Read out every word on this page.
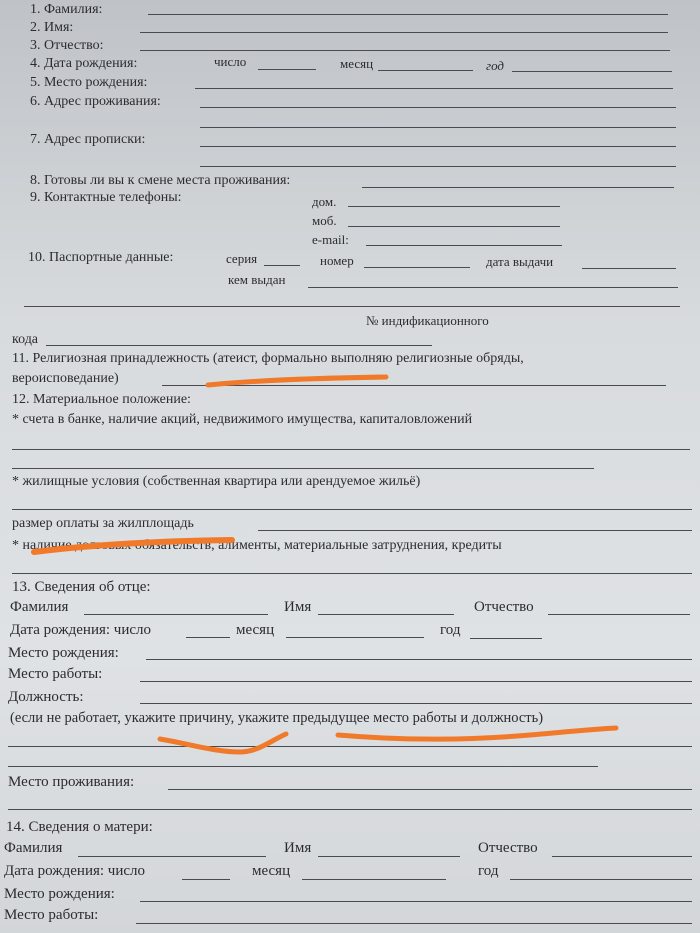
1. Фамилия:
2. Имя:
3. Отчество:
4. Дата рождения:	число	месяц	год
5. Место рождения:
6. Адрес проживания:
7. Адрес прописки:
8. Готовы ли вы к смене места проживания:
9. Контактные телефоны:	дом.
моб.
e-mail:
10. Паспортные данные:	серия	номер	дата выдачи
кем выдан
№ индификационного
кода
11. Религиозная принадлежность (атеист, формально выполняю религиозные обряды,
вероисповедание)
12. Материальное положение:
* счета в банке, наличие акций, недвижимого имущества, капиталовложений
* жилищные условия (собственная квартира или арендуемое жильё)
размер оплаты за жилплощадь
* наличие долговых обязательств, алименты, материальные затруднения, кредиты
13. Сведения об отце:
Фамилия	Имя	Отчество
Дата рождения: число	месяц	год
Место рождения:
Место работы:
Должность:
(если не работает, укажите причину, укажите предыдущее место работы и должность)
Место проживания:
14. Сведения о матери:
Фамилия	Имя	Отчество
Дата рождения: число	месяц	год
Место рождения:
Место работы:
